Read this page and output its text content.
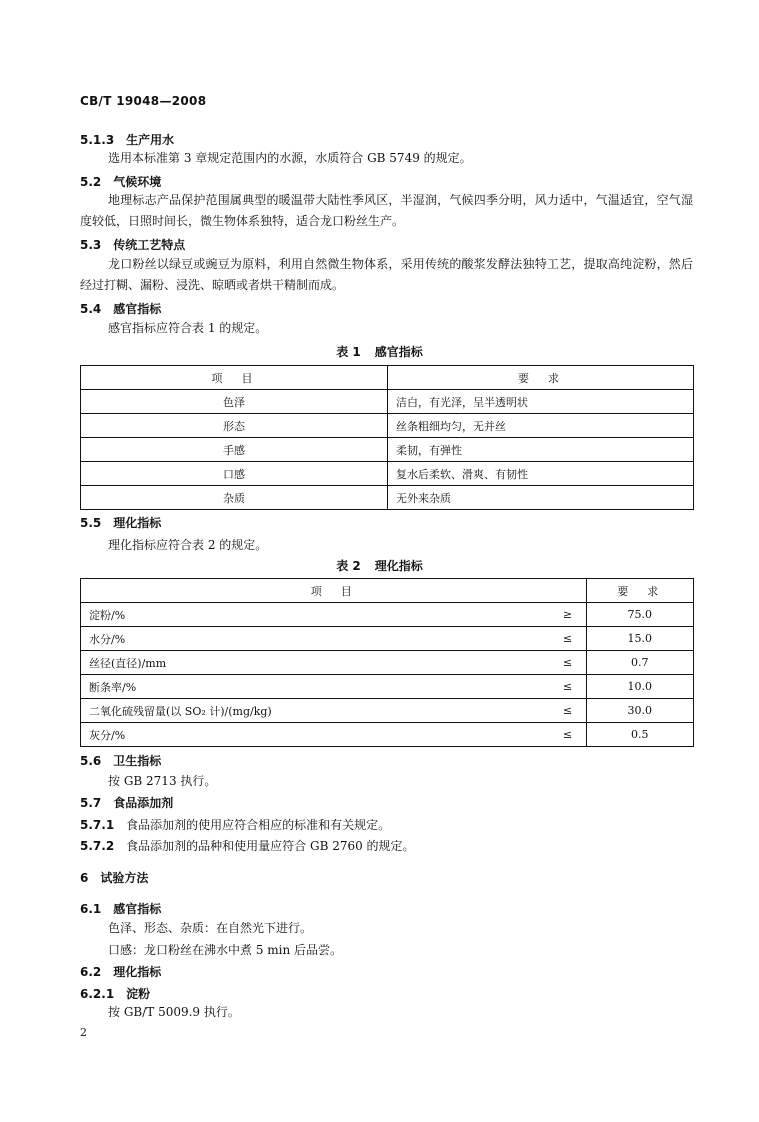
CB/T 19048—2008
5.1.3 生产用水
选用本标准第 3 章规定范围内的水源，水质符合 GB 5749 的规定。
5.2 气候环境
地理标志产品保护范围属典型的暖温带大陆性季风区，半湿润，气候四季分明，风力适中，气温适宜，空气湿度较低，日照时间长，微生物体系独特，适合龙口粉丝生产。
5.3 传统工艺特点
龙口粉丝以绿豆或豌豆为原料，利用自然微生物体系，采用传统的酸浆发酵法独特工艺，提取高纯淀粉，然后经过打糊、漏粉、浸洗、晾晒或者烘干精制而成。
5.4 感官指标
感官指标应符合表 1 的规定。
表 1 感官指标
项　目	要　求
色泽	洁白，有光泽，呈半透明状
形态	丝条粗细均匀，无并丝
手感	柔韧，有弹性
口感	复水后柔软、滑爽、有韧性
杂质	无外来杂质
5.5 理化指标
理化指标应符合表 2 的规定。
表 2 理化指标
项　目		要　求
淀粉/%	≥	75.0
水分/%	≤	15.0
丝径(直径)/mm	≤	0.7
断条率/%	≤	10.0
二氧化硫残留量(以 SO₂ 计)/(mg/kg)	≤	30.0
灰分/%	≤	0.5
5.6 卫生指标
按 GB 2713 执行。
5.7 食品添加剂
5.7.1 食品添加剂的使用应符合相应的标准和有关规定。
5.7.2 食品添加剂的品种和使用量应符合 GB 2760 的规定。
6 试验方法
6.1 感官指标
色泽、形态、杂质：在自然光下进行。
口感：龙口粉丝在沸水中煮 5 min 后品尝。
6.2 理化指标
6.2.1 淀粉
按 GB/T 5009.9 执行。
2
